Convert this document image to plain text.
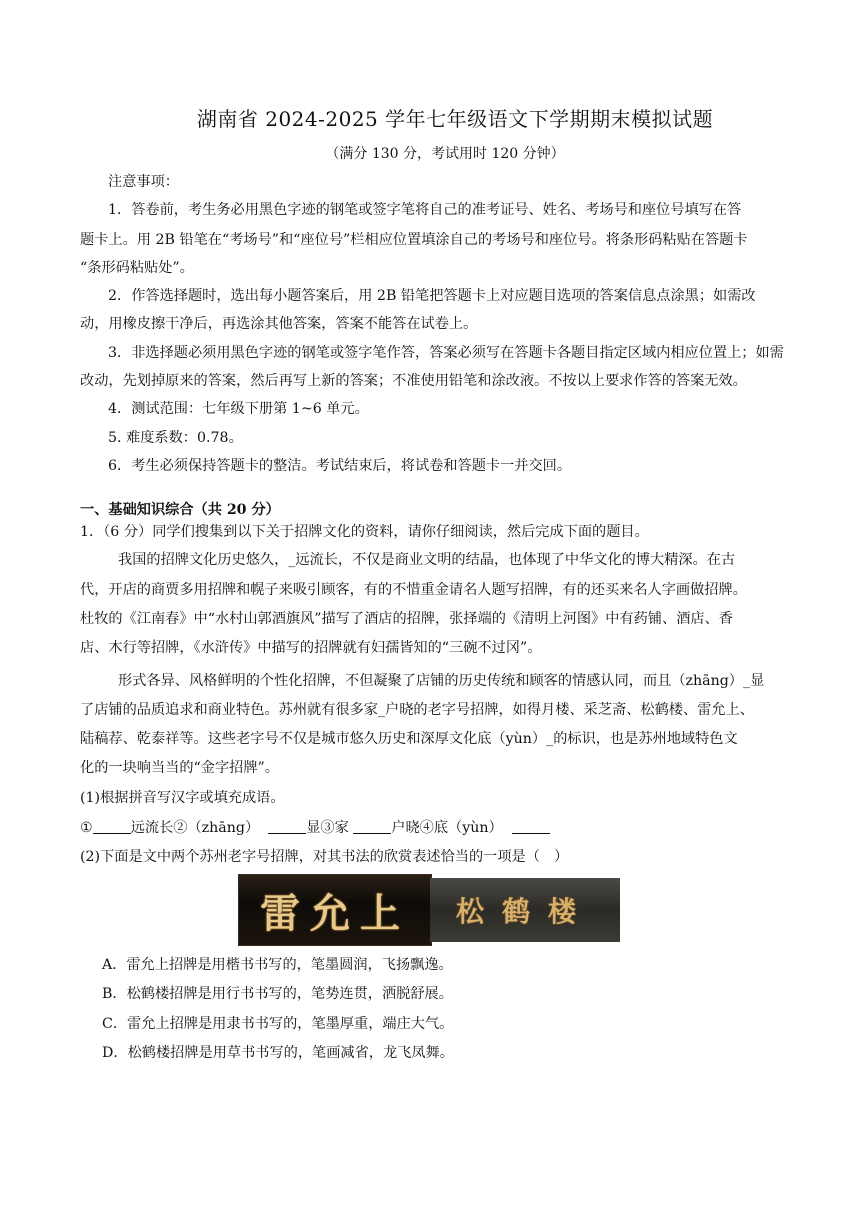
湖南省 2024-2025 学年七年级语文下学期期末模拟试题
（满分 130 分，考试用时 120 分钟）
注意事项：
1．答卷前，考生务必用黑色字迹的钢笔或签字笔将自己的准考证号、姓名、考场号和座位号填写在答
题卡上。用 2B 铅笔在“考场号”和“座位号”栏相应位置填涂自己的考场号和座位号。将条形码粘贴在答题卡
“条形码粘贴处”。
2．作答选择题时，选出每小题答案后，用 2B 铅笔把答题卡上对应题目选项的答案信息点涂黑；如需改
动，用橡皮擦干净后，再选涂其他答案，答案不能答在试卷上。
3．非选择题必须用黑色字迹的钢笔或签字笔作答，答案必须写在答题卡各题目指定区域内相应位置上；如需
改动，先划掉原来的答案，然后再写上新的答案；不准使用铅笔和涂改液。不按以上要求作答的答案无效。
4．测试范围：七年级下册第 1~6 单元。
5. 难度系数：0.78。
6．考生必须保持答题卡的整洁。考试结束后，将试卷和答题卡一并交回。
一、基础知识综合（共 20 分）
1．（6 分）同学们搜集到以下关于招牌文化的资料，请你仔细阅读，然后完成下面的题目。
我国的招牌文化历史悠久，_远流长，不仅是商业文明的结晶，也体现了中华文化的博大精深。在古
代，开店的商贾多用招牌和幌子来吸引顾客，有的不惜重金请名人题写招牌，有的还买来名人字画做招牌。
杜牧的《江南春》中“水村山郭酒旗风”描写了酒店的招牌，张择端的《清明上河图》中有药铺、酒店、香
店、木行等招牌，《水浒传》中描写的招牌就有妇孺皆知的“三碗不过冈”。
形式各异、风格鲜明的个性化招牌，不但凝聚了店铺的历史传统和顾客的情感认同，而且（zhāng）_显
了店铺的品质追求和商业特色。苏州就有很多家_户晓的老字号招牌，如得月楼、采芝斋、松鹤楼、雷允上、
陆稿荐、乾泰祥等。这些老字号不仅是城市悠久历史和深厚文化底（yùn）_的标识，也是苏州地域特色文
化的一块响当当的“金字招牌”。
(1)根据拼音写汉字或填充成语。
①	远流长②（zhāng）	显③家	户晓④底（yùn）
(2)下面是文中两个苏州老字号招牌，对其书法的欣赏表述恰当的一项是（　）
雷允上 松鹤楼
A．雷允上招牌是用楷书书写的，笔墨圆润，飞扬飘逸。
B．松鹤楼招牌是用行书书写的，笔势连贯，洒脱舒展。
C．雷允上招牌是用隶书书写的，笔墨厚重，端庄大气。
D．松鹤楼招牌是用草书书写的，笔画减省，龙飞凤舞。
